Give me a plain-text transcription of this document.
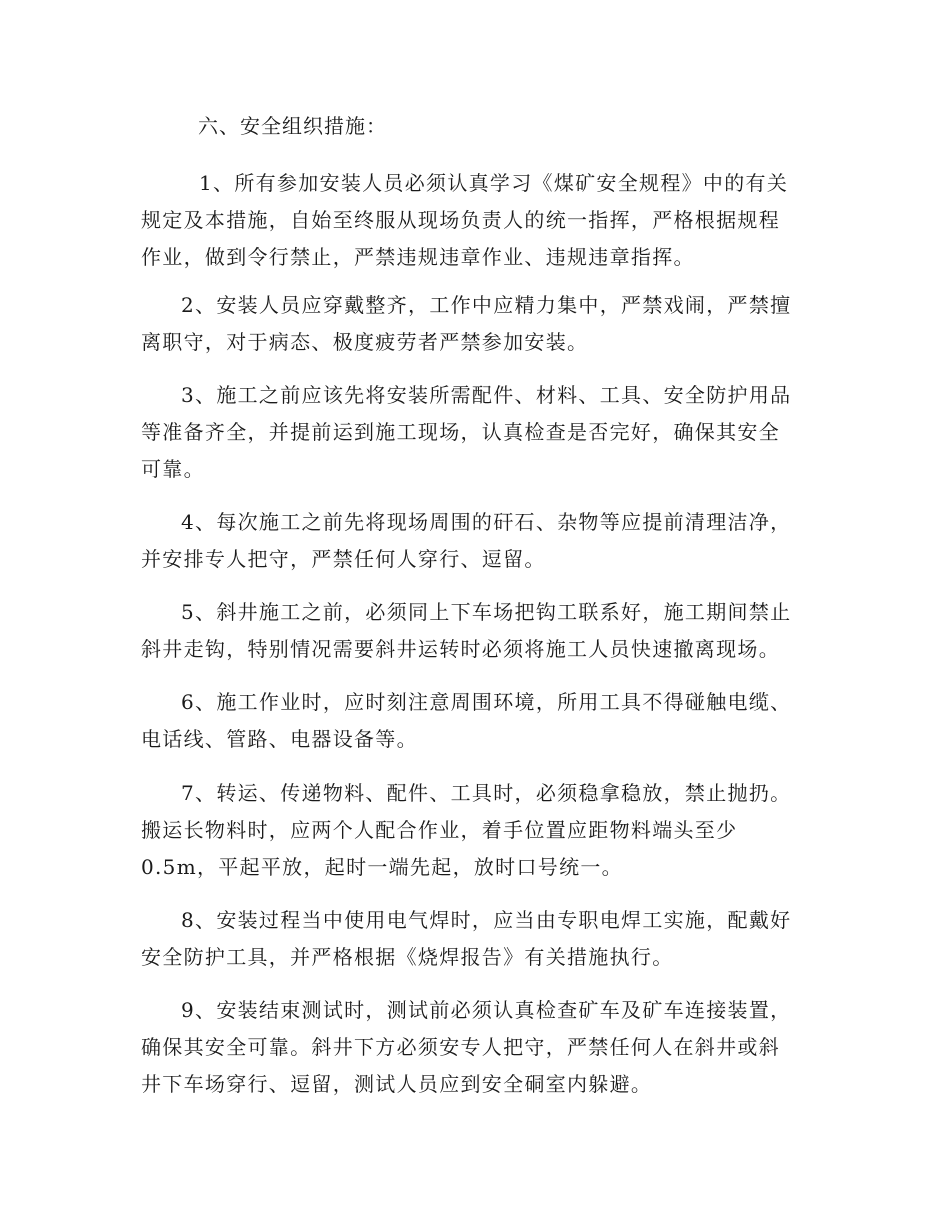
六、安全组织措施：
1、所有参加安装人员必须认真学习《煤矿安全规程》中的有关
规定及本措施，自始至终服从现场负责人的统一指挥，严格根据规程
作业，做到令行禁止，严禁违规违章作业、违规违章指挥。
2、安装人员应穿戴整齐，工作中应精力集中，严禁戏闹，严禁擅
离职守，对于病态、极度疲劳者严禁参加安装。
3、施工之前应该先将安装所需配件、材料、工具、安全防护用品
等准备齐全，并提前运到施工现场，认真检查是否完好，确保其安全
可靠。
4、每次施工之前先将现场周围的矸石、杂物等应提前清理洁净，
并安排专人把守，严禁任何人穿行、逗留。
5、斜井施工之前，必须同上下车场把钩工联系好，施工期间禁止
斜井走钩，特别情况需要斜井运转时必须将施工人员快速撤离现场。
6、施工作业时，应时刻注意周围环境，所用工具不得碰触电缆、
电话线、管路、电器设备等。
7、转运、传递物料、配件、工具时，必须稳拿稳放，禁止抛扔。
搬运长物料时，应两个人配合作业，着手位置应距物料端头至少
0.5m，平起平放，起时一端先起，放时口号统一。
8、安装过程当中使用电气焊时，应当由专职电焊工实施，配戴好
安全防护工具，并严格根据《烧焊报告》有关措施执行。
9、安装结束测试时，测试前必须认真检查矿车及矿车连接装置，
确保其安全可靠。斜井下方必须安专人把守，严禁任何人在斜井或斜
井下车场穿行、逗留，测试人员应到安全硐室内躲避。
